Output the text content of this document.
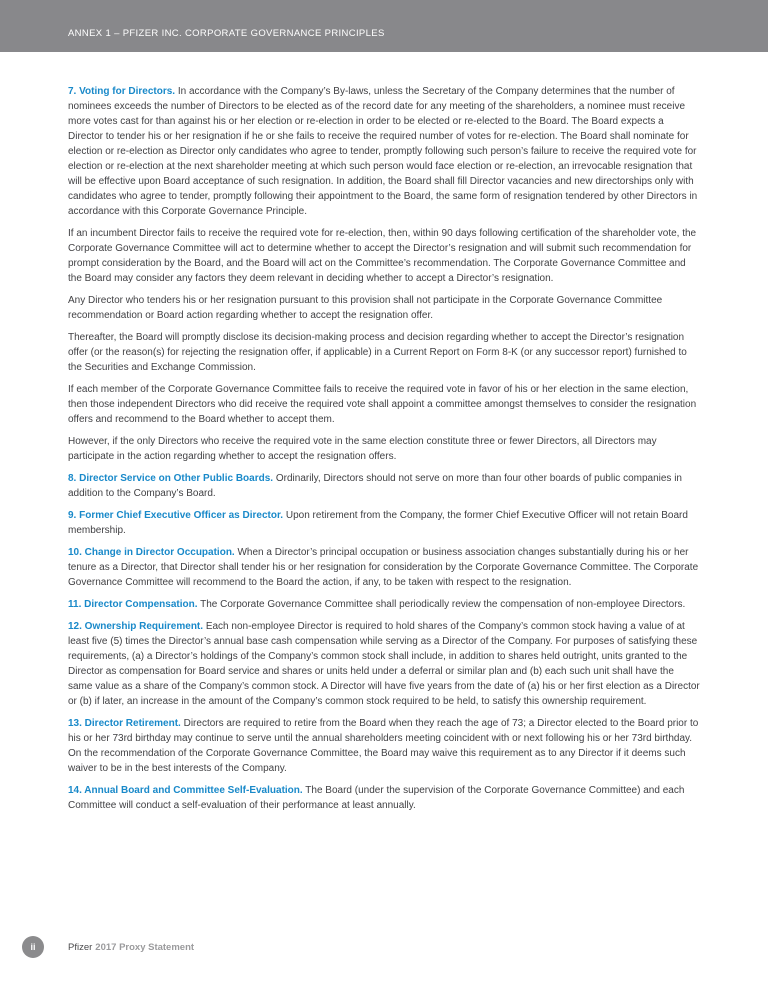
ANNEX 1 – PFIZER INC. CORPORATE GOVERNANCE PRINCIPLES

7. Voting for Directors. In accordance with the Company’s By-laws, unless the Secretary of the Company determines that the number of nominees exceeds the number of Directors to be elected as of the record date for any meeting of the shareholders, a nominee must receive more votes cast for than against his or her election or re-election in order to be elected or re-elected to the Board. The Board expects a Director to tender his or her resignation if he or she fails to receive the required number of votes for re-election. The Board shall nominate for election or re-election as Director only candidates who agree to tender, promptly following such person’s failure to receive the required vote for election or re-election at the next shareholder meeting at which such person would face election or re-election, an irrevocable resignation that will be effective upon Board acceptance of such resignation. In addition, the Board shall fill Director vacancies and new directorships only with candidates who agree to tender, promptly following their appointment to the Board, the same form of resignation tendered by other Directors in accordance with this Corporate Governance Principle.

If an incumbent Director fails to receive the required vote for re-election, then, within 90 days following certification of the shareholder vote, the Corporate Governance Committee will act to determine whether to accept the Director’s resignation and will submit such recommendation for prompt consideration by the Board, and the Board will act on the Committee’s recommendation. The Corporate Governance Committee and the Board may consider any factors they deem relevant in deciding whether to accept a Director’s resignation.

Any Director who tenders his or her resignation pursuant to this provision shall not participate in the Corporate Governance Committee recommendation or Board action regarding whether to accept the resignation offer.

Thereafter, the Board will promptly disclose its decision-making process and decision regarding whether to accept the Director’s resignation offer (or the reason(s) for rejecting the resignation offer, if applicable) in a Current Report on Form 8-K (or any successor report) furnished to the Securities and Exchange Commission.

If each member of the Corporate Governance Committee fails to receive the required vote in favor of his or her election in the same election, then those independent Directors who did receive the required vote shall appoint a committee amongst themselves to consider the resignation offers and recommend to the Board whether to accept them.

However, if the only Directors who receive the required vote in the same election constitute three or fewer Directors, all Directors may participate in the action regarding whether to accept the resignation offers.

8. Director Service on Other Public Boards. Ordinarily, Directors should not serve on more than four other boards of public companies in addition to the Company’s Board.

9. Former Chief Executive Officer as Director. Upon retirement from the Company, the former Chief Executive Officer will not retain Board membership.

10. Change in Director Occupation. When a Director’s principal occupation or business association changes substantially during his or her tenure as a Director, that Director shall tender his or her resignation for consideration by the Corporate Governance Committee. The Corporate Governance Committee will recommend to the Board the action, if any, to be taken with respect to the resignation.

11. Director Compensation. The Corporate Governance Committee shall periodically review the compensation of non-employee Directors.

12. Ownership Requirement. Each non-employee Director is required to hold shares of the Company’s common stock having a value of at least five (5) times the Director’s annual base cash compensation while serving as a Director of the Company. For purposes of satisfying these requirements, (a) a Director’s holdings of the Company’s common stock shall include, in addition to shares held outright, units granted to the Director as compensation for Board service and shares or units held under a deferral or similar plan and (b) each such unit shall have the same value as a share of the Company’s common stock. A Director will have five years from the date of (a) his or her first election as a Director or (b) if later, an increase in the amount of the Company’s common stock required to be held, to satisfy this ownership requirement.

13. Director Retirement. Directors are required to retire from the Board when they reach the age of 73; a Director elected to the Board prior to his or her 73rd birthday may continue to serve until the annual shareholders meeting coincident with or next following his or her 73rd birthday. On the recommendation of the Corporate Governance Committee, the Board may waive this requirement as to any Director if it deems such waiver to be in the best interests of the Company.

14. Annual Board and Committee Self-Evaluation. The Board (under the supervision of the Corporate Governance Committee) and each Committee will conduct a self-evaluation of their performance at least annually.

ii	Pfizer 2017 Proxy Statement
